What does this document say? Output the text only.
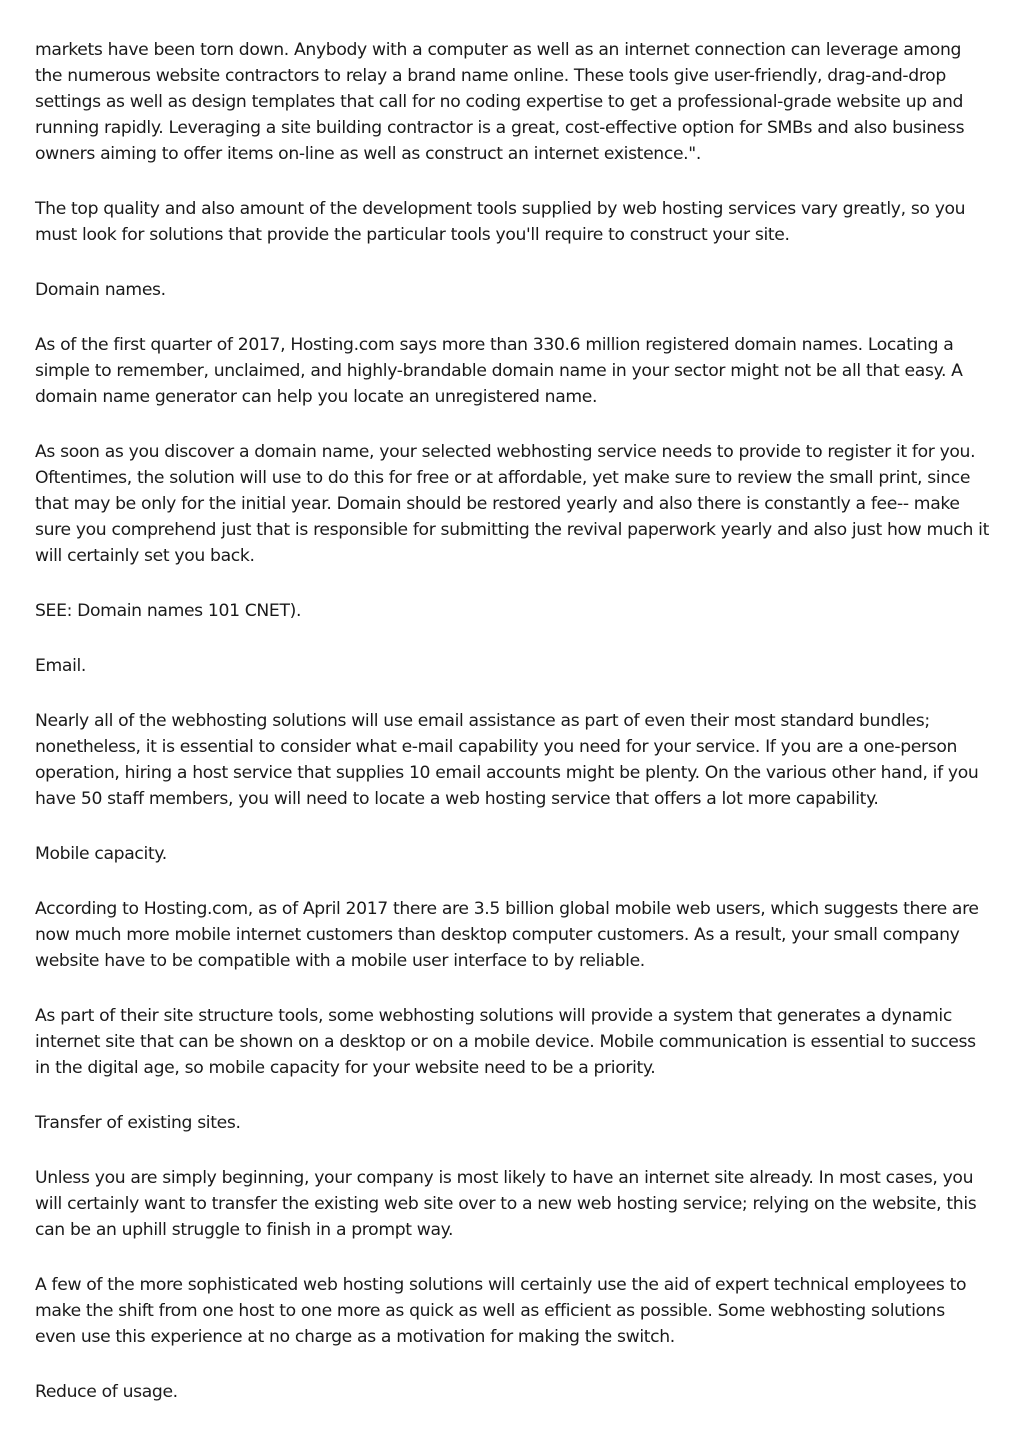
markets have been torn down. Anybody with a computer as well as an internet connection can leverage among the numerous website contractors to relay a brand name online. These tools give user-friendly, drag-and-drop settings as well as design templates that call for no coding expertise to get a professional-grade website up and running rapidly. Leveraging a site building contractor is a great, cost-effective option for SMBs and also business owners aiming to offer items on-line as well as construct an internet existence.".

The top quality and also amount of the development tools supplied by web hosting services vary greatly, so you must look for solutions that provide the particular tools you'll require to construct your site.

Domain names.

As of the first quarter of 2017, Hosting.com says more than 330.6 million registered domain names. Locating a simple to remember, unclaimed, and highly-brandable domain name in your sector might not be all that easy. A domain name generator can help you locate an unregistered name.

As soon as you discover a domain name, your selected webhosting service needs to provide to register it for you. Oftentimes, the solution will use to do this for free or at affordable, yet make sure to review the small print, since that may be only for the initial year. Domain should be restored yearly and also there is constantly a fee-- make sure you comprehend just that is responsible for submitting the revival paperwork yearly and also just how much it will certainly set you back.

SEE: Domain names 101 CNET).

Email.

Nearly all of the webhosting solutions will use email assistance as part of even their most standard bundles; nonetheless, it is essential to consider what e-mail capability you need for your service. If you are a one-person operation, hiring a host service that supplies 10 email accounts might be plenty. On the various other hand, if you have 50 staff members, you will need to locate a web hosting service that offers a lot more capability.

Mobile capacity.

According to Hosting.com, as of April 2017 there are 3.5 billion global mobile web users, which suggests there are now much more mobile internet customers than desktop computer customers. As a result, your small company website have to be compatible with a mobile user interface to by reliable.

As part of their site structure tools, some webhosting solutions will provide a system that generates a dynamic internet site that can be shown on a desktop or on a mobile device. Mobile communication is essential to success in the digital age, so mobile capacity for your website need to be a priority.

Transfer of existing sites.

Unless you are simply beginning, your company is most likely to have an internet site already. In most cases, you will certainly want to transfer the existing web site over to a new web hosting service; relying on the website, this can be an uphill struggle to finish in a prompt way.

A few of the more sophisticated web hosting solutions will certainly use the aid of expert technical employees to make the shift from one host to one more as quick as well as efficient as possible. Some webhosting solutions even use this experience at no charge as a motivation for making the switch.

Reduce of usage.
